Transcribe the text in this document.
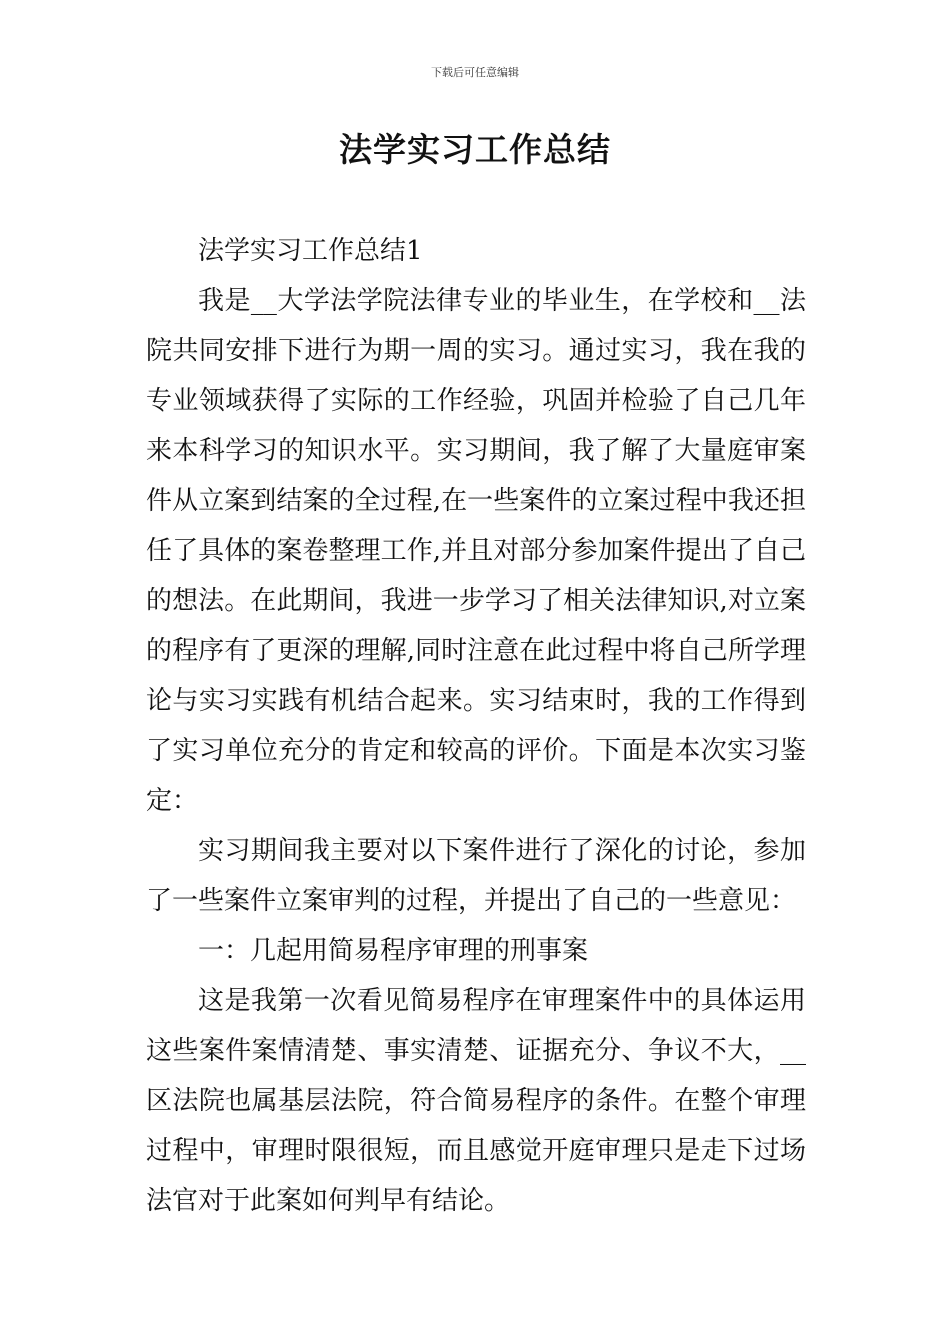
下载后可任意编辑
法学实习工作总结

法学实习工作总结1

我是__大学法学院法律专业的毕业生，在学校和__法院共同安排下进行为期一周的实习。通过实习，我在我的专业领域获得了实际的工作经验，巩固并检验了自己几年来本科学习的知识水平。实习期间，我了解了大量庭审案件从立案到结案的全过程,在一些案件的立案过程中我还担任了具体的案卷整理工作,并且对部分参加案件提出了自己的想法。在此期间，我进一步学习了相关法律知识,对立案的程序有了更深的理解,同时注意在此过程中将自己所学理论与实习实践有机结合起来。实习结束时，我的工作得到了实习单位充分的肯定和较高的评价。下面是本次实习鉴定：

实习期间我主要对以下案件进行了深化的讨论，参加了一些案件立案审判的过程，并提出了自己的一些意见：

一：几起用简易程序审理的刑事案

这是我第一次看见简易程序在审理案件中的具体运用这些案件案情清楚、事实清楚、证据充分、争议不大，__区法院也属基层法院，符合简易程序的条件。在整个审理过程中，审理时限很短，而且感觉开庭审理只是走下过场法官对于此案如何判早有结论。
